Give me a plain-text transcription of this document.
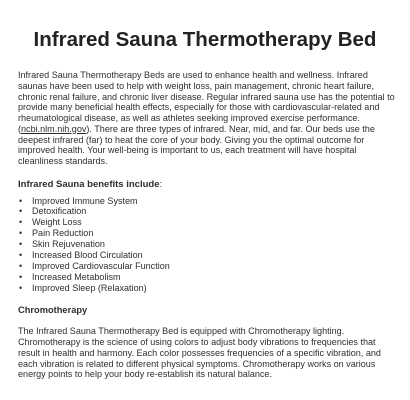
Infrared Sauna Thermotherapy Bed

Infrared Sauna Thermotherapy Beds are used to enhance health and wellness. Infrared saunas have been used to help with weight loss, pain management, chronic heart failure, chronic renal failure, and chronic liver disease. Regular infrared sauna use has the potential to provide many beneficial health effects, especially for those with cardiovascular-related and rheumatological disease, as well as athletes seeking improved exercise performance. (ncbi.nlm.nih.gov). There are three types of infrared. Near, mid, and far. Our beds use the deepest infrared (far) to heat the core of your body. Giving you the optimal outcome for improved health. Your well-being is important to us, each treatment will have hospital cleanliness standards.

Infrared Sauna benefits include:

• Improved Immune System
• Detoxification
• Weight Loss
• Pain Reduction
• Skin Rejuvenation
• Increased Blood Circulation
• Improved Cardiovascular Function
• Increased Metabolism
• Improved Sleep (Relaxation)

Chromotherapy

The Infrared Sauna Thermotherapy Bed is equipped with Chromotherapy lighting. Chromotherapy is the science of using colors to adjust body vibrations to frequencies that result in health and harmony. Each color possesses frequencies of a specific vibration, and each vibration is related to different physical symptoms. Chromotherapy works on various energy points to help your body re-establish its natural balance.
